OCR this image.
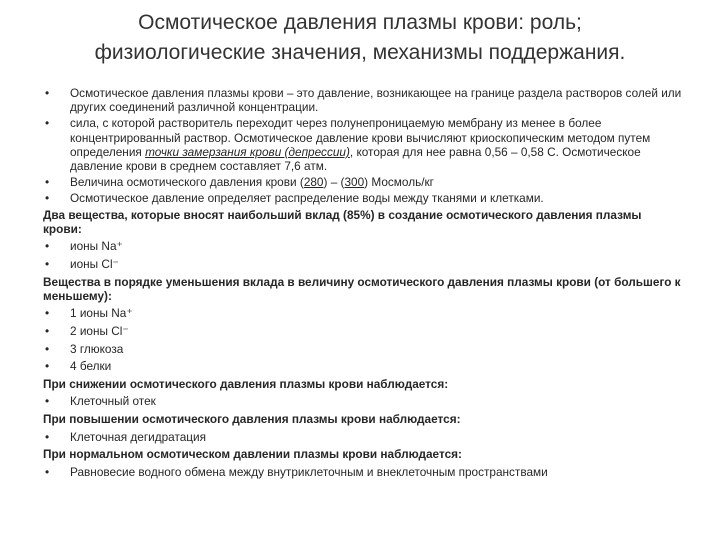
Осмотическое давления плазмы крови: роль;
физиологические значения, механизмы поддержания.
• Осмотическое давления плазмы крови – это давление, возникающее на границе раздела растворов солей или других соединений различной концентрации.
• сила, с которой растворитель переходит через полунепроницаемую мембрану из менее в более концентрированный раствор. Осмотическое давление крови вычисляют криоскопическим методом путем определения точки замерзания крови (депрессии), которая для нее равна 0,56 – 0,58 С. Осмотическое давление крови в среднем составляет 7,6 атм.
• Величина осмотического давления крови (280) – (300) Мосмоль/кг
• Осмотическое давление определяет распределение воды между тканями и клетками.
Два вещества, которые вносят наибольший вклад (85%) в создание осмотического давления плазмы крови:
• ионы Na⁺
• ионы Cl⁻
Вещества в порядке уменьшения вклада в величину осмотического давления плазмы крови (от большего к меньшему):
• 1 ионы Na⁺
• 2 ионы Cl⁻
• 3 глюкоза
• 4 белки
При снижении осмотического давления плазмы крови наблюдается:
• Клеточный отек
При повышении осмотического давления плазмы крови наблюдается:
• Клеточная дегидратация
При нормальном осмотическом давлении плазмы крови наблюдается:
• Равновесие водного обмена между внутриклеточным и внеклеточным пространствами
